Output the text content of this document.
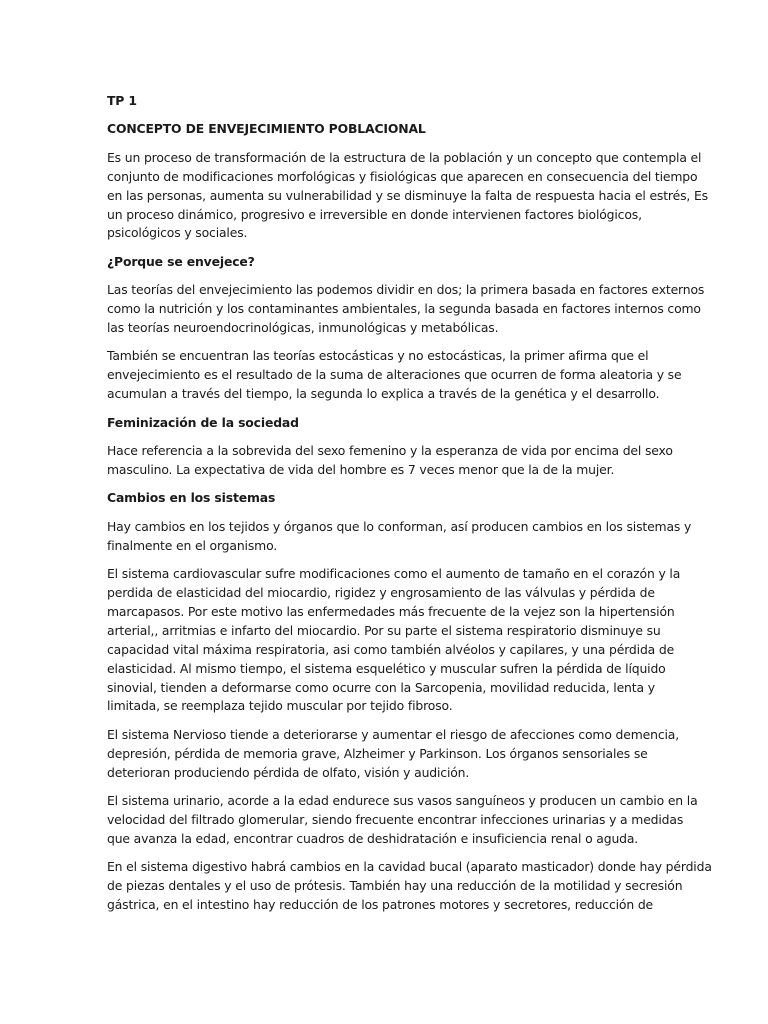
TP 1
CONCEPTO DE ENVEJECIMIENTO POBLACIONAL
Es un proceso de transformación de la estructura de la población y un concepto que contempla el
conjunto de modificaciones morfológicas y fisiológicas que aparecen en consecuencia del tiempo
en las personas, aumenta su vulnerabilidad y se disminuye la falta de respuesta hacia el estrés, Es
un proceso dinámico, progresivo e irreversible en donde intervienen factores biológicos,
psicológicos y sociales.
¿Porque se envejece?
Las teorías del envejecimiento las podemos dividir en dos; la primera basada en factores externos
como la nutrición y los contaminantes ambientales, la segunda basada en factores internos como
las teorías neuroendocrinológicas, inmunológicas y metabólicas.
También se encuentran las teorías estocásticas y no estocásticas, la primer afirma que el
envejecimiento es el resultado de la suma de alteraciones que ocurren de forma aleatoria y se
acumulan a través del tiempo, la segunda lo explica a través de la genética y el desarrollo.
Feminización de la sociedad
Hace referencia a la sobrevida del sexo femenino y la esperanza de vida por encima del sexo
masculino. La expectativa de vida del hombre es 7 veces menor que la de la mujer.
Cambios en los sistemas
Hay cambios en los tejidos y órganos que lo conforman, así producen cambios en los sistemas y
finalmente en el organismo.
El sistema cardiovascular sufre modificaciones como el aumento de tamaño en el corazón y la
perdida de elasticidad del miocardio, rigidez y engrosamiento de las válvulas y pérdida de
marcapasos. Por este motivo las enfermedades más frecuente de la vejez son la hipertensión
arterial,, arritmias e infarto del miocardio. Por su parte el sistema respiratorio disminuye su
capacidad vital máxima respiratoria, asi como también alvéolos y capilares, y una pérdida de
elasticidad. Al mismo tiempo, el sistema esquelético y muscular sufren la pérdida de líquido
sinovial, tienden a deformarse como ocurre con la Sarcopenia, movilidad reducida, lenta y
limitada, se reemplaza tejido muscular por tejido fibroso.
El sistema Nervioso tiende a deteriorarse y aumentar el riesgo de afecciones como demencia,
depresión, pérdida de memoria grave, Alzheimer y Parkinson. Los órganos sensoriales se
deterioran produciendo pérdida de olfato, visión y audición.
El sistema urinario, acorde a la edad endurece sus vasos sanguíneos y producen un cambio en la
velocidad del filtrado glomerular, siendo frecuente encontrar infecciones urinarias y a medidas
que avanza la edad, encontrar cuadros de deshidratación e insuficiencia renal o aguda.
En el sistema digestivo habrá cambios en la cavidad bucal (aparato masticador) donde hay pérdida
de piezas dentales y el uso de prótesis. También hay una reducción de la motilidad y secresión
gástrica, en el intestino hay reducción de los patrones motores y secretores, reducción de
